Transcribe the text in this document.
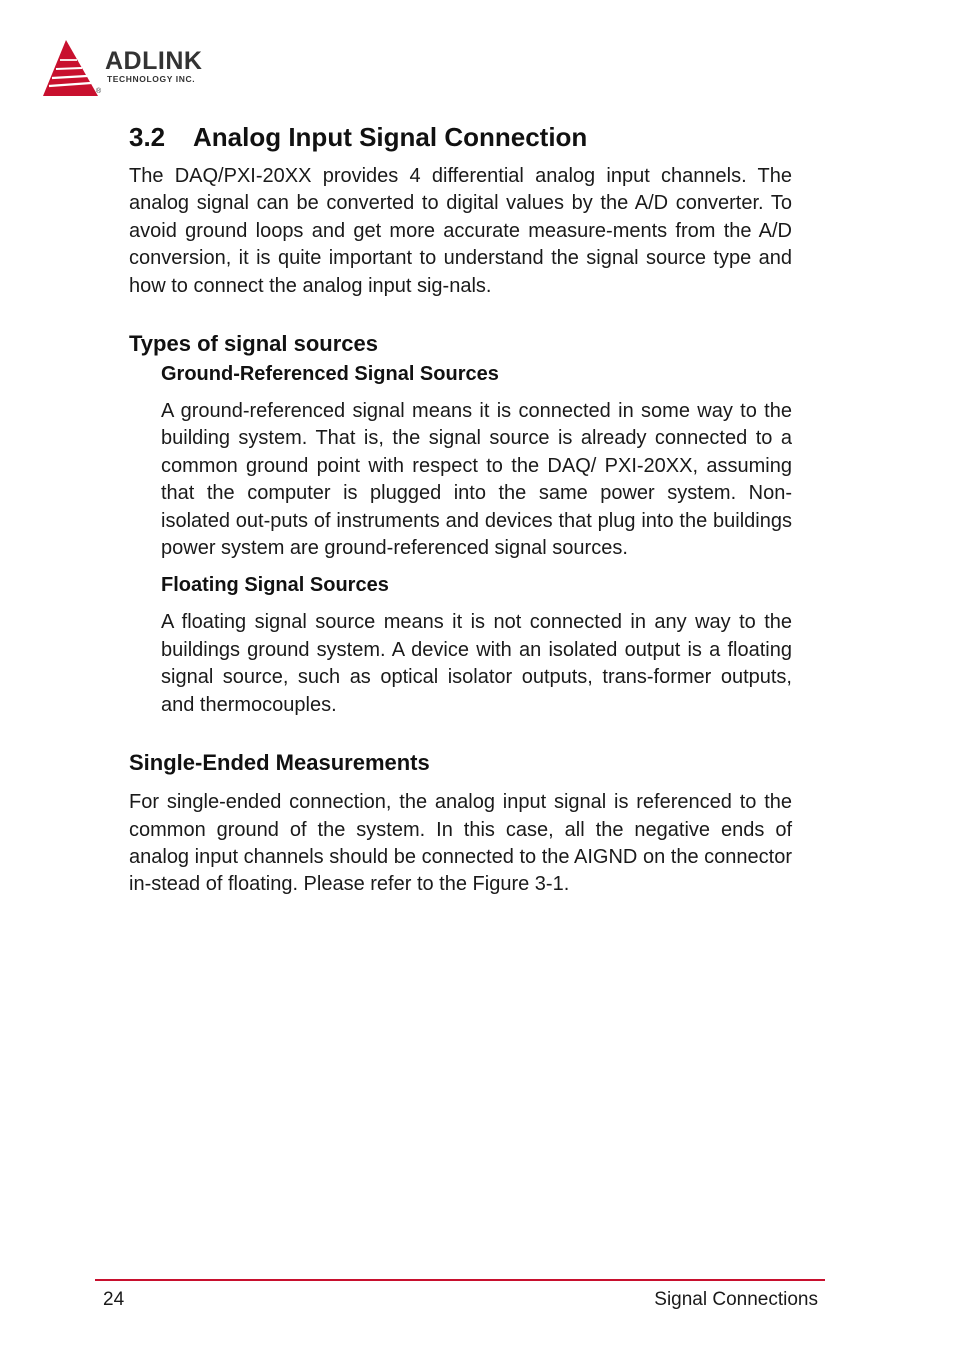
ADLINK
TECHNOLOGY INC.
®
3.2 Analog Input Signal Connection

The DAQ/PXI-20XX provides 4 differential analog input channels. The analog signal can be converted to digital values by the A/D converter. To avoid ground loops and get more accurate measure-ments from the A/D conversion, it is quite important to understand the signal source type and how to connect the analog input sig-nals.

Types of signal sources
Ground-Referenced Signal Sources

A ground-referenced signal means it is connected in some way to the building system. That is, the signal source is already connected to a common ground point with respect to the DAQ/ PXI-20XX, assuming that the computer is plugged into the same power system. Non- isolated out-puts of instruments and devices that plug into the buildings power system are ground-referenced signal sources.

Floating Signal Sources

A floating signal source means it is not connected in any way to the buildings ground system. A device with an isolated output is a floating signal source, such as optical isolator outputs, trans-former outputs, and thermocouples.

Single-Ended Measurements

For single-ended connection, the analog input signal is referenced to the common ground of the system. In this case, all the negative ends of analog input channels should be connected to the AIGND on the connector in-stead of floating. Please refer to the Figure 3-1.

24	Signal Connections
